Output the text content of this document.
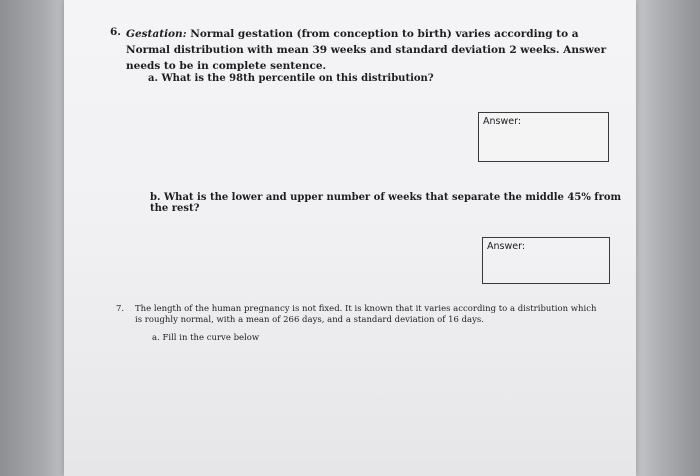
6. Gestation: Normal gestation (from conception to birth) varies according to a Normal distribution with mean 39 weeks and standard deviation 2 weeks. Answer needs to be in complete sentence.
a. What is the 98th percentile on this distribution?
Answer:
b. What is the lower and upper number of weeks that separate the middle 45% from the rest?
Answer:
7. The length of the human pregnancy is not fixed. It is known that it varies according to a distribution which is roughly normal, with a mean of 266 days, and a standard deviation of 16 days.
a. Fill in the curve below
